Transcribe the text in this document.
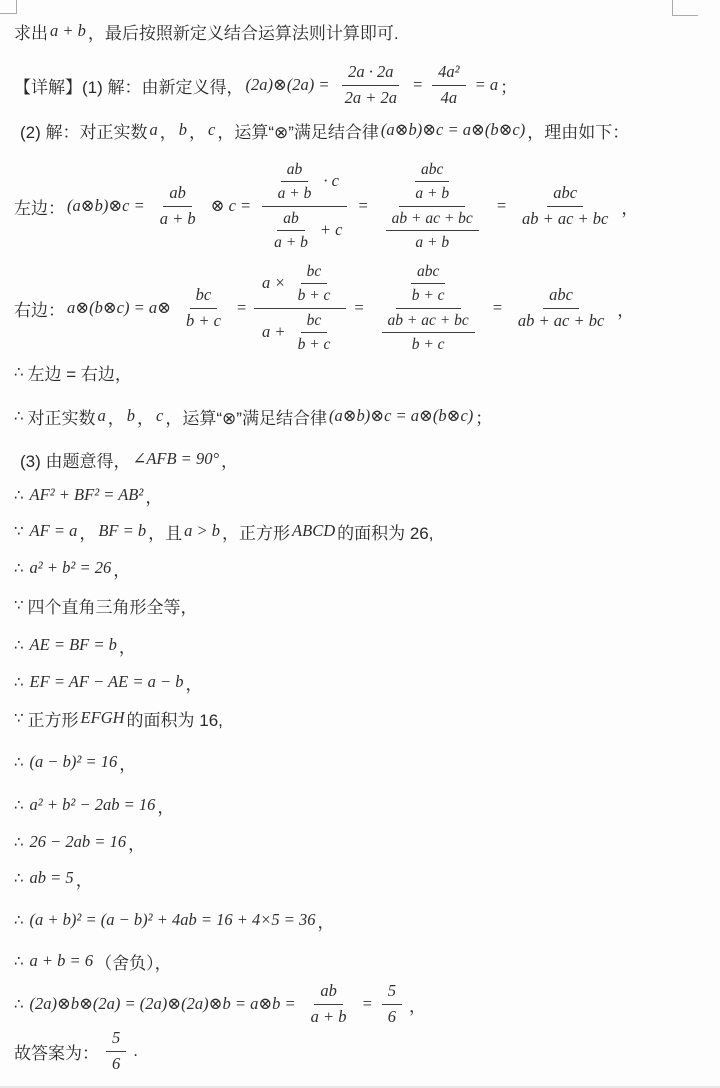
求出 a + b ，最后按照新定义结合运算法则计算即可.
【详解】(1) 解：由新定义得， (2a)⊗(2a) = $\frac{2a \cdot 2a}{2a + 2a} = \frac{\text{4a²}}{4a} = a$ ；
(2) 解：对正实数 a ， b ， c ，运算“⊗”满足结合律 (a⊗b)⊗c = a⊗(b⊗c) ，理由如下：
左边： (a⊗b)⊗c = $\frac{ab}{a + b}$ ⊗ $c = \frac{\frac{ab}{a + b} \cdot c}{\frac{ab}{a + b} + c} = \frac{\frac{\text{abc}}{a + b}}{\frac{ab + ac + bc}{a + b}} = \frac{\text{abc}}{ab + ac + bc}$ ，
右边： a⊗(b⊗c) = a⊗ $\frac{bc}{b + c} = \frac{a \times \frac{bc}{b + c}}{a + \frac{bc}{b + c}} = \frac{\frac{\text{abc}}{b + c}}{\frac{ab + ac + bc}{b + c}} = \frac{\text{abc}}{ab + ac + bc}$ ，
∴ 左边 = 右边，
∴ 对正实数 a ， b ， c ，运算“⊗”满足结合律 (a⊗b)⊗c = a⊗(b⊗c) ；
(3) 由题意得， ∠AFB = 90° ，
∴ AF² + BF² = AB² ，
∵ AF = a ， BF = b ，且 a > b ，正方形 ABCD 的面积为 26,
∴ a² + b² = 26 ，
∵ 四个直角三角形全等，
∴ AE = BF = b ，
∴ EF = AF − AE = a − b ，
∵ 正方形 EFGH 的面积为 16,
∴ (a − b)² = 16 ，
∴ a² + b² − 2ab = 16 ，
∴ 26 − 2ab = 16 ，
∴ ab = 5 ，
∴ (a + b)² = (a − b)² + 4ab = 16 + 4×5 = 36 ，
∴ a + b = 6 （舍负），
∴ (2a)⊗b⊗(2a) = (2a)⊗(2a)⊗b = a⊗b = $\frac{ab}{a + b} = \frac{5}{6}$ ，
故答案为： $\frac{5}{6}$ .
